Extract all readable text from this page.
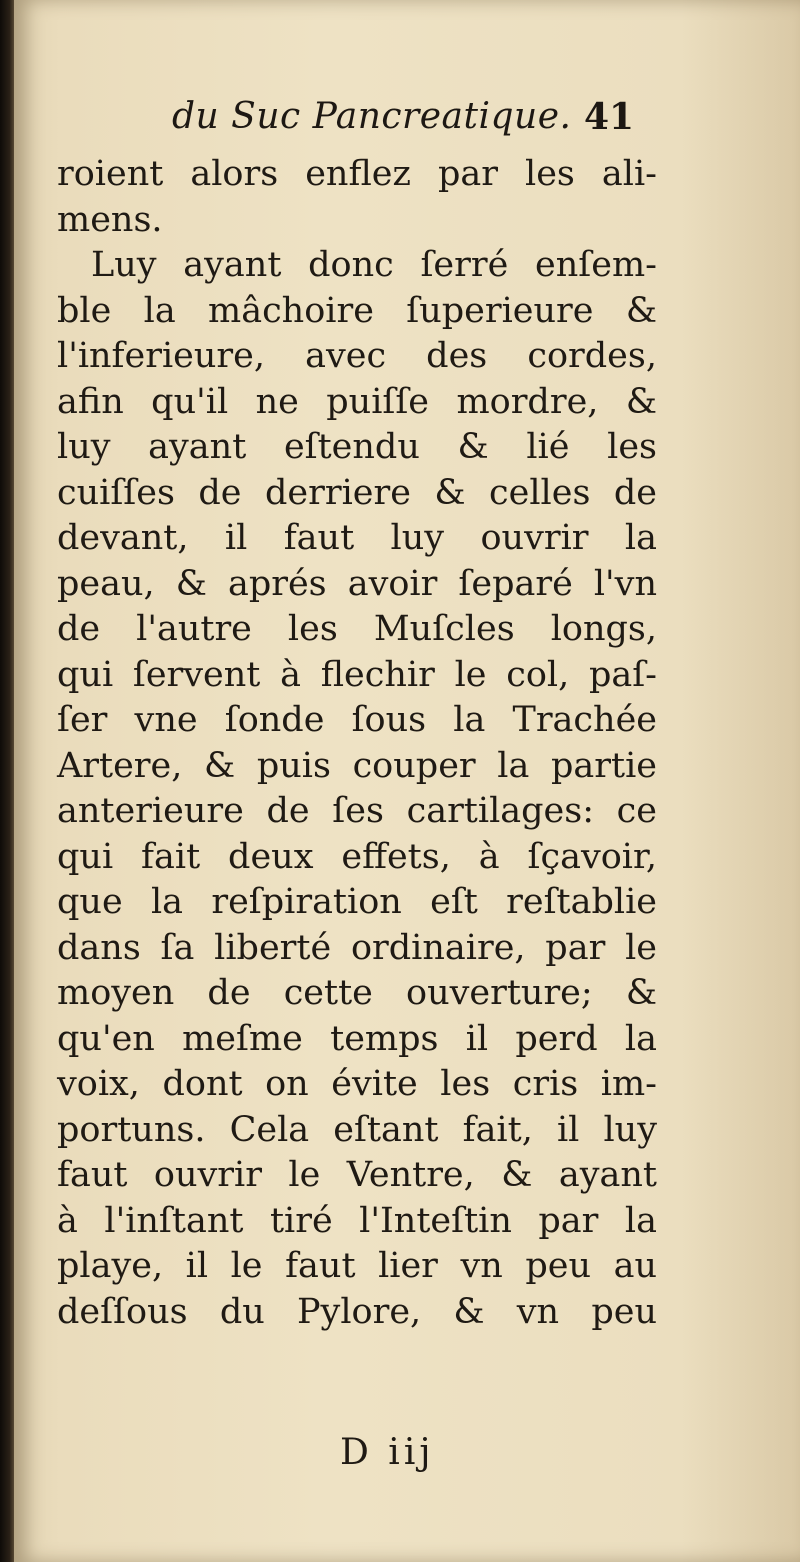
du Suc Pancreatique. 41
roient alors enflez par les ali-
mens.
Luy ayant donc ſerré enſem-
ble la mâchoire ſuperieure &
l'inferieure, avec des cordes,
afin qu'il ne puiſſe mordre, &
luy ayant eſtendu & lié les
cuiſſes de derriere & celles de
devant, il faut luy ouvrir la
peau, & aprés avoir ſeparé l'vn
de l'autre les Muſcles longs,
qui ſervent à flechir le col, paſ-
ſer vne ſonde ſous la Trachée
Artere, & puis couper la partie
anterieure de ſes cartilages: ce
qui fait deux effets, à ſçavoir,
que la reſpiration eſt reſtablie
dans ſa liberté ordinaire, par le
moyen de cette ouverture; &
qu'en meſme temps il perd la
voix, dont on évite les cris im-
portuns. Cela eſtant fait, il luy
faut ouvrir le Ventre, & ayant
à l'inſtant tiré l'Inteſtin par la
playe, il le faut lier vn peu au
deſſous du Pylore, & vn peu
D iij
